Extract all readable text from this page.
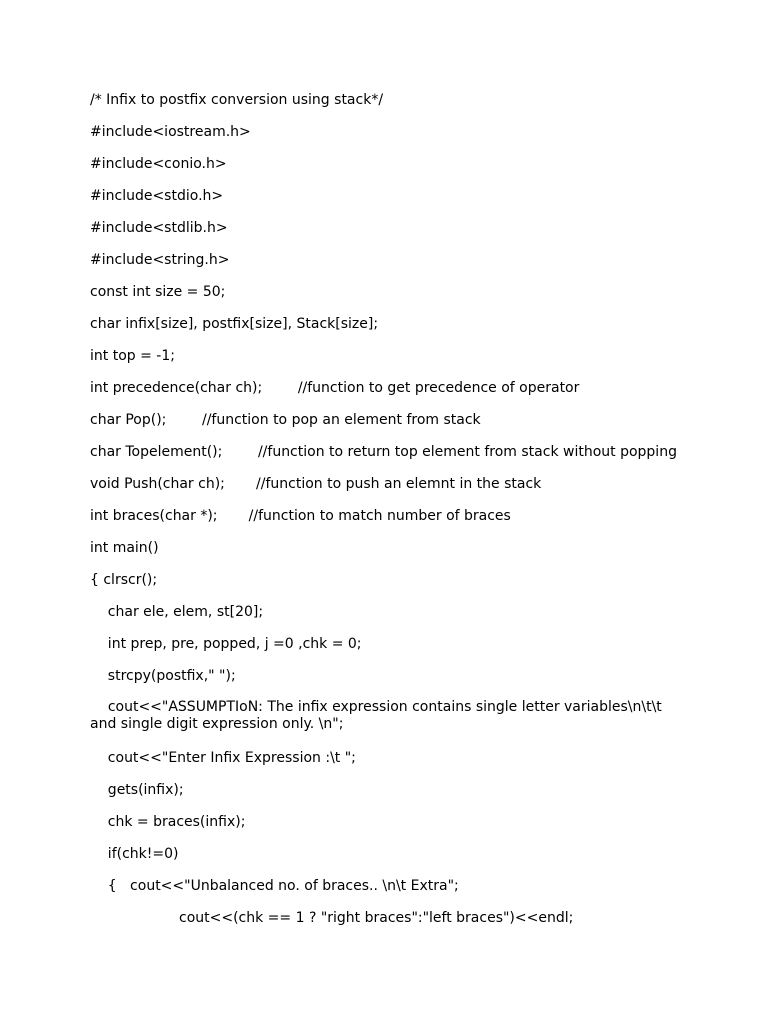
/* Infix to postfix conversion using stack*/
#include<iostream.h>
#include<conio.h>
#include<stdio.h>
#include<stdlib.h>
#include<string.h>
const int size = 50;
char infix[size], postfix[size], Stack[size];
int top = -1;
int precedence(char ch);        //function to get precedence of operator
char Pop();        //function to pop an element from stack
char Topelement();        //function to return top element from stack without popping
void Push(char ch);       //function to push an elemnt in the stack
int braces(char *);       //function to match number of braces
int main()
{ clrscr();
char ele, elem, st[20];
int prep, pre, popped, j =0 ,chk = 0;
strcpy(postfix," ");
cout<<"ASSUMPTIoN: The infix expression contains single letter variables\n\t\t and single digit expression only. \n";
cout<<"Enter Infix Expression :\t ";
gets(infix);
chk = braces(infix);
if(chk!=0)
{   cout<<"Unbalanced no. of braces.. \n\t Extra";
cout<<(chk == 1 ? "right braces":"left braces")<<endl;
